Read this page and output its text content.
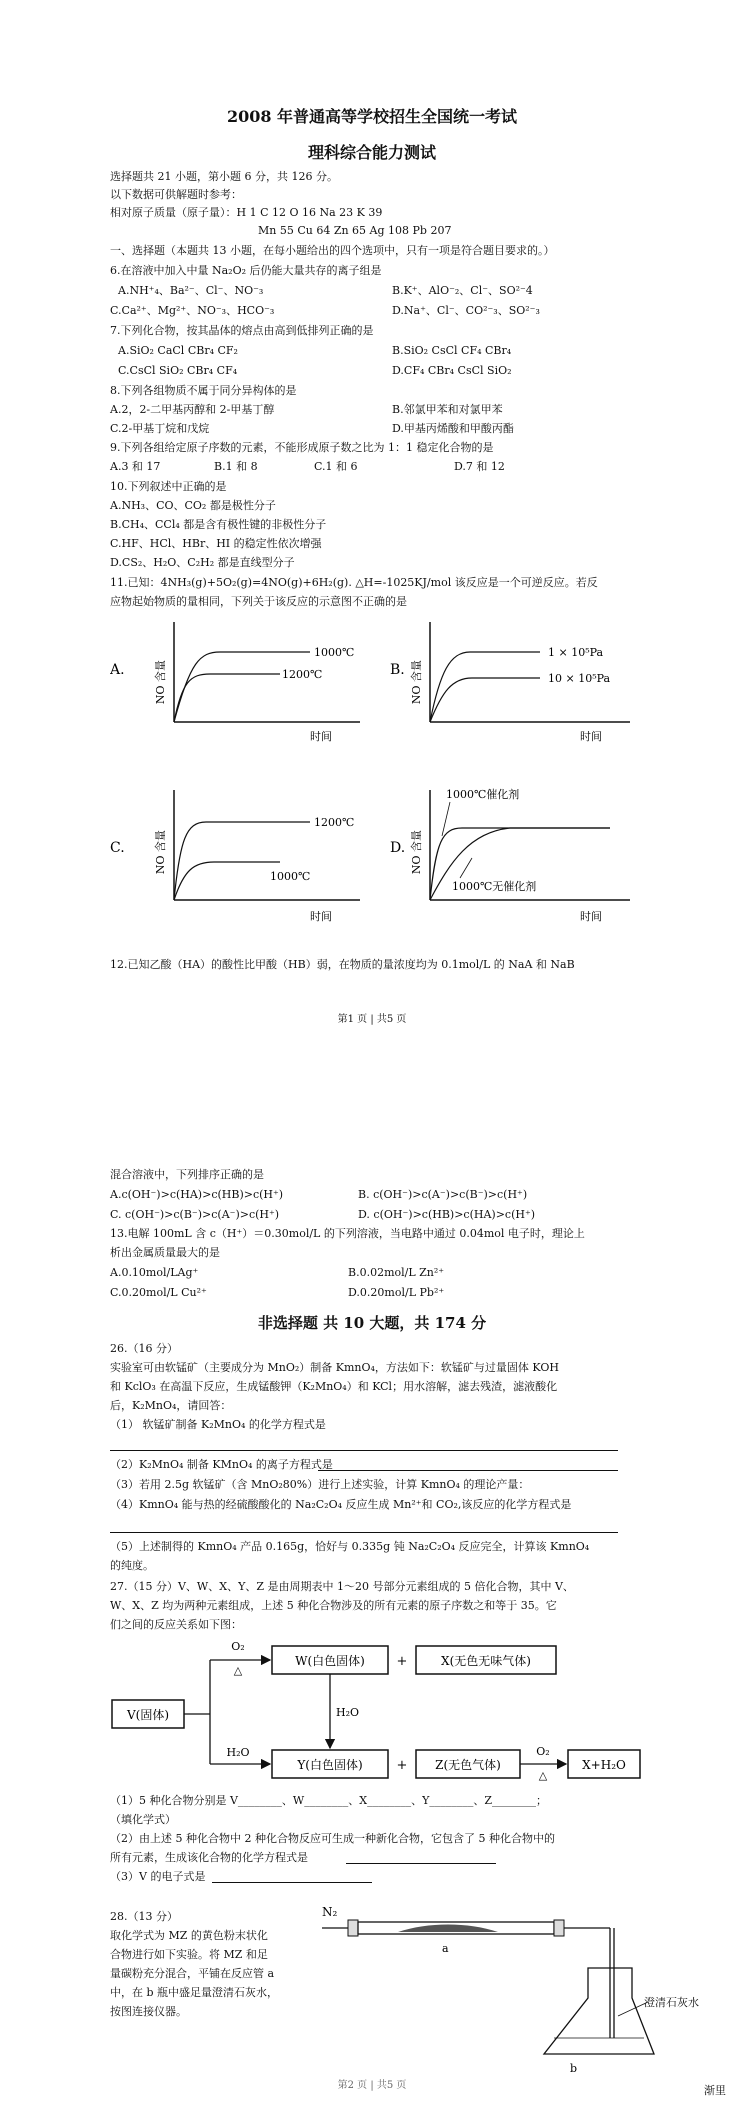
2008 年普通高等学校招生全国统一考试
理科综合能力测试
选择题共 21 小题，第小题 6 分，共 126 分。
以下数据可供解题时参考：
相对原子质量（原子量）：H 1 C 12 O 16 Na 23 K 39
Mn 55 Cu 64 Zn 65 Ag 108 Pb 207
一、选择题（本题共 13 小题，在每小题给出的四个选项中，只有一项是符合题目要求的。）
6.在溶液中加入中量 Na₂O₂ 后仍能大量共存的离子组是
A.NH⁺₄、Ba²⁻、Cl⁻、NO⁻₃	B.K⁺、AlO⁻₂、Cl⁻、SO²⁻4
C.Ca²⁺、Mg²⁺、NO⁻₃、HCO⁻₃	D.Na⁺、Cl⁻、CO²⁻₃、SO²⁻₃
7.下列化合物，按其晶体的熔点由高到低排列正确的是
A.SiO₂ CaCl CBr₄ CF₂	B.SiO₂ CsCl CF₄ CBr₄
C.CsCl SiO₂ CBr₄ CF₄	D.CF₄ CBr₄ CsCl SiO₂
8.下列各组物质不属于同分异构体的是
A.2，2-二甲基丙醇和 2-甲基丁醇	B.邻氯甲苯和对氯甲苯
C.2-甲基丁烷和戊烷	D.甲基丙烯酸和甲酸丙酯
9.下列各组给定原子序数的元素，不能形成原子数之比为 1：1 稳定化合物的是
A.3 和 17	B.1 和 8	C.1 和 6	D.7 和 12
10.下列叙述中正确的是
A.NH₃、CO、CO₂ 都是极性分子
B.CH₄、CCl₄ 都是含有极性键的非极性分子
C.HF、HCl、HBr、HI 的稳定性依次增强
D.CS₂、H₂O、C₂H₂ 都是直线型分子
11.已知：4NH₃(g)+5O₂(g)=4NO(g)+6H₂(g). △H=-1025KJ/mol 该反应是一个可逆反应。若反
应物起始物质的量相同，下列关于该反应的示意图不正确的是
A.	NO 含量
时间
1000℃
1200℃	B. NO 含量
时间
1 × 10⁵Pa
10 × 10⁵Pa
C.	NO 含量
时间
1200℃
1000℃
D. NO 含量
时间
1000℃催化剂
1000℃无催化剂
12.已知乙酸（HA）的酸性比甲酸（HB）弱，在物质的量浓度均为 0.1mol/L 的 NaA 和 NaB
第1 页 | 共5 页
混合溶液中，下列排序正确的是
A.c(OH⁻)>c(HA)>c(HB)>c(H⁺)	B. c(OH⁻)>c(A⁻)>c(B⁻)>c(H⁺)
C. c(OH⁻)>c(B⁻)>c(A⁻)>c(H⁺)	D. c(OH⁻)>c(HB)>c(HA)>c(H⁺)
13.电解 100mL 含 c（H⁺）＝0.30mol/L 的下列溶液，当电路中通过 0.04mol 电子时，理论上
析出金属质量最大的是
A.0.10mol/LAg⁺	B.0.02mol/L Zn²⁺
C.0.20mol/L Cu²⁺	D.0.20mol/L Pb²⁺
非选择题 共 10 大题，共 174 分
26.（16 分）
实验室可由软锰矿（主要成分为 MnO₂）制备 KmnO₄，方法如下：软锰矿与过量固体 KOH
和 KclO₃ 在高温下反应，生成锰酸钾（K₂MnO₄）和 KCl；用水溶解，滤去残渣，滤液酸化
后，K₂MnO₄，请回答：
（1） 软锰矿制备 K₂MnO₄ 的化学方程式是
（2）K₂MnO₄ 制备 KMnO₄ 的离子方程式是
（3）若用 2.5g 软锰矿（含 MnO₂80%）进行上述实验，计算 KmnO₄ 的理论产量：
（4）KmnO₄ 能与热的经硫酸酸化的 Na₂C₂O₄ 反应生成 Mn²⁺和 CO₂,该反应的化学方程式是
（5）上述制得的 KmnO₄ 产品 0.165g，恰好与 0.335g 钝 Na₂C₂O₄ 反应完全，计算该 KmnO₄
的纯度。
27.（15 分）V、W、X、Y、Z 是由周期表中 1～20 号部分元素组成的 5 倍化合物，其中 V、
W、X、Z 均为两种元素组成，上述 5 种化合物涉及的所有元素的原子序数之和等于 35。它
们之间的反应关系如下图：
V(固体)
O₂
△
H₂O
W(白色固体) +	X(无色无味气体)
H₂O
Y(白色固体)	+ Z(无色气体)
O₂
△
X+H₂O
（1）5 种化合物分别是 V________、W________、X________、Y________、Z________；
（填化学式）
（2）由上述 5 种化合物中 2 种化合物反应可生成一种新化合物，它包含了 5 种化合物中的
所有元素，生成该化合物的化学方程式是
（3）V 的电子式是
28.（13 分）
取化学式为 MZ 的黄色粉末状化
合物进行如下实验。将 MZ 和足
量碳粉充分混合，平铺在反应管 a
中，在 b 瓶中盛足量澄清石灰水，
按图连接仪器。
N₂
a
b
澄清石灰水
第2 页 | 共5 页	渐里
